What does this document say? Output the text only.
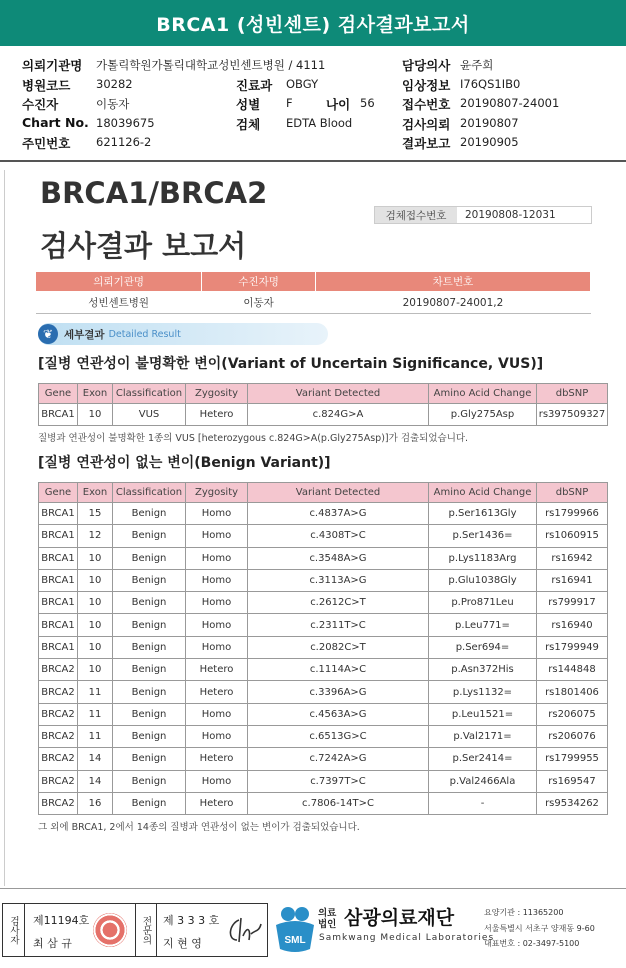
BRCA1 (성빈센트) 검사결과보고서
의뢰기관명 가톨릭학원가톨릭대학교성빈센트병원 / 4111
병원코드 30282
수진자	이동자
Chart No. 18039675
주민번호 621126-2
진료과 OBGY
성별 F	나이 56
검체 EDTA Blood
담당의사 윤주희
임상정보 I76QS1IB0
접수번호 20190807-24001
검사의뢰 20190807
결과보고 20190905
BRCA1/BRCA2
검사결과 보고서
검체접수번호	20190808-12031
의뢰기관명	수진자명	차트번호
성빈센트병원	이동자	20190807-24001,2
❦	세부결과 Detailed Result
[질병 연관성이 불명확한 변이(Variant of Uncertain Significance, VUS)]
Gene	Exon	Classification	Zygosity	Variant Detected	Amino Acid Change	dbSNP
BRCA1	10	VUS	Hetero	c.824G>A	p.Gly275Asp	rs397509327
질병과 연관성이 불명확한 1종의 VUS [heterozygous c.824G>A(p.Gly275Asp)]가 검출되었습니다.
[질병 연관성이 없는 변이(Benign Variant)]
Gene	Exon	Classification	Zygosity	Variant Detected	Amino Acid Change	dbSNP
BRCA1	15	Benign	Homo	c.4837A>G	p.Ser1613Gly	rs1799966
BRCA1	12	Benign	Homo	c.4308T>C	p.Ser1436=	rs1060915
BRCA1	10	Benign	Homo	c.3548A>G	p.Lys1183Arg	rs16942
BRCA1	10	Benign	Homo	c.3113A>G	p.Glu1038Gly	rs16941
BRCA1	10	Benign	Homo	c.2612C>T	p.Pro871Leu	rs799917
BRCA1	10	Benign	Homo	c.2311T>C	p.Leu771=	rs16940
BRCA1	10	Benign	Homo	c.2082C>T	p.Ser694=	rs1799949
BRCA2	10	Benign	Hetero	c.1114A>C	p.Asn372His	rs144848
BRCA2	11	Benign	Hetero	c.3396A>G	p.Lys1132=	rs1801406
BRCA2	11	Benign	Homo	c.4563A>G	p.Leu1521=	rs206075
BRCA2	11	Benign	Homo	c.6513G>C	p.Val2171=	rs206076
BRCA2	14	Benign	Hetero	c.7242A>G	p.Ser2414=	rs1799955
BRCA2	14	Benign	Homo	c.7397T>C	p.Val2466Ala	rs169547
BRCA2	16	Benign	Hetero	c.7806-14T>C	-	rs9534262
그 외에 BRCA1, 2에서 14종의 질병과 연관성이 없는 변이가 검출되었습니다.
검사자 제11194호
최 삼 규	전문의 제 3 3 3 호
지 현 영	SML
의료법인 삼광의료재단
Samkwang Medical Laboratories
요양기관 : 11365200
서울특별시 서초구 양재동 9-60
대표번호 : 02-3497-5100
